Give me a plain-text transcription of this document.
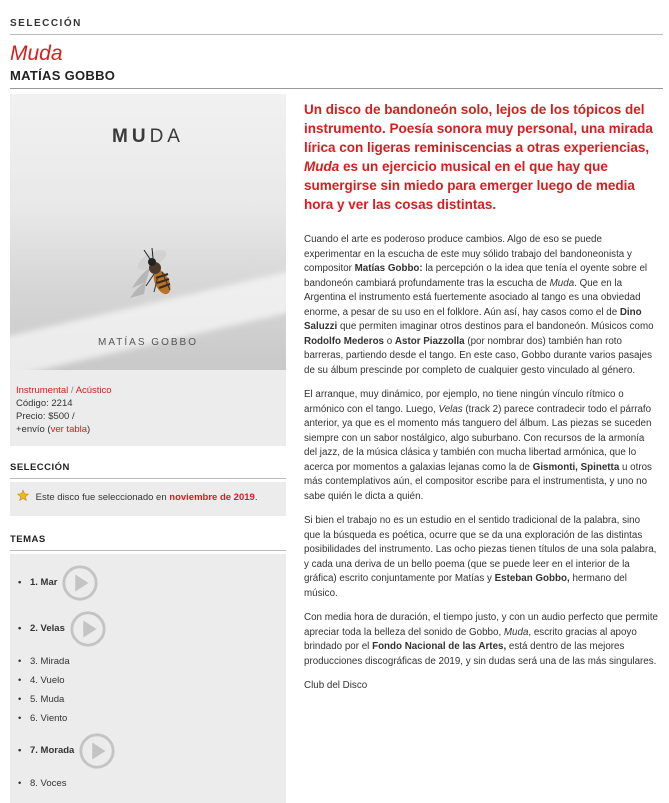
SELECCIÓN
Muda
MATÍAS GOBBO
MUDA
MATÍAS GOBBO
Instrumental / Acústico
Código: 2214
Precio: $500 /
+envío (ver tabla)
SELECCIÓN
Este disco fue seleccionado en noviembre de 2019.
TEMAS
• 1. Mar
• 2. Velas
• 3. Mirada
• 4. Vuelo
• 5. Muda
• 6. Viento
• 7. Morada
• 8. Voces

Un disco de bandoneón solo, lejos de los tópicos del instrumento. Poesía sonora muy personal, una mirada lírica con ligeras reminiscencias a otras experiencias, Muda es un ejercicio musical en el que hay que sumergirse sin miedo para emerger luego de media hora y ver las cosas distintas.

Cuando el arte es poderoso produce cambios. Algo de eso se puede experimentar en la escucha de este muy sólido trabajo del bandoneonista y compositor Matías Gobbo: la percepción o la idea que tenía el oyente sobre el bandoneón cambiará profundamente tras la escucha de Muda. Que en la Argentina el instrumento está fuertemente asociado al tango es una obviedad enorme, a pesar de su uso en el folklore. Aún así, hay casos como el de Dino Saluzzi que permiten imaginar otros destinos para el bandoneón. Músicos como Rodolfo Mederos o Astor Piazzolla (por nombrar dos) también han roto barreras, partiendo desde el tango. En este caso, Gobbo durante varios pasajes de su álbum prescinde por completo de cualquier gesto vinculado al género.

El arranque, muy dinámico, por ejemplo, no tiene ningún vínculo rítmico o armónico con el tango. Luego, Velas (track 2) parece contradecir todo el párrafo anterior, ya que es el momento más tanguero del álbum. Las piezas se suceden siempre con un sabor nostálgico, algo suburbano. Con recursos de la armonía del jazz, de la música clásica y también con mucha libertad armónica, que lo acerca por momentos a galaxias lejanas como la de Gismonti, Spinetta u otros más contemplativos aún, el compositor escribe para el instrumentista, y uno no sabe quién le dicta a quién.

Si bien el trabajo no es un estudio en el sentido tradicional de la palabra, sino que la búsqueda es poética, ocurre que se da una exploración de las distintas posibilidades del instrumento. Las ocho piezas tienen títulos de una sola palabra, y cada una deriva de un bello poema (que se puede leer en el interior de la gráfica) escrito conjuntamente por Matías y Esteban Gobbo, hermano del músico.

Con media hora de duración, el tiempo justo, y con un audio perfecto que permite apreciar toda la belleza del sonido de Gobbo, Muda, escrito gracias al apoyo brindado por el Fondo Nacional de las Artes, está dentro de las mejores producciones discográficas de 2019, y sin dudas será una de las más singulares.

Club del Disco
